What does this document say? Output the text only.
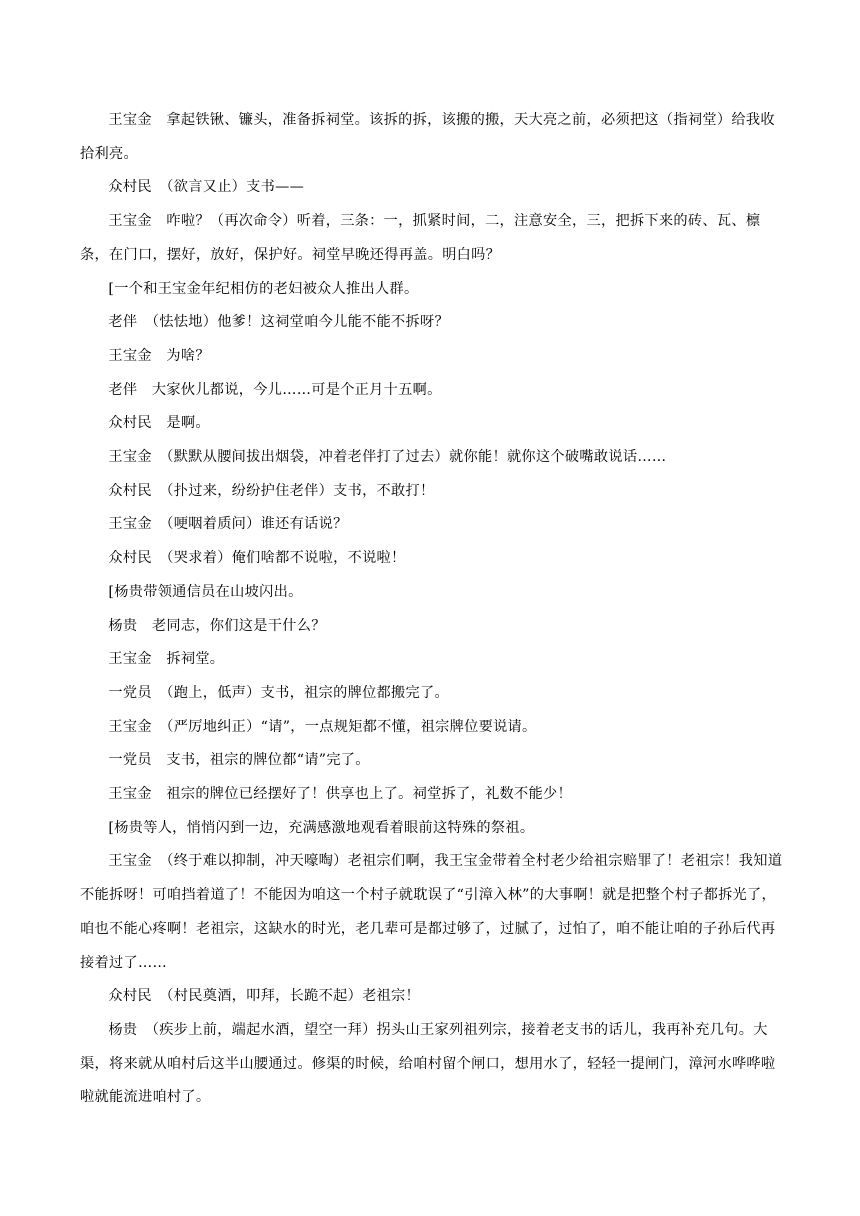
王宝金　拿起铁锹、镰头，准备拆祠堂。该拆的拆，该搬的搬，天大亮之前，必须把这（指祠堂）给我收拾利亮。

众村民　（欲言又止）支书——

王宝金　咋啦？（再次命令）听着，三条：一，抓紧时间，二，注意安全，三，把拆下来的砖、瓦、檩条，在门口，摆好，放好，保护好。祠堂早晚还得再盖。明白吗？

[一个和王宝金年纪相仿的老妇被众人推出人群。

老伴　（怯怯地）他爹！这祠堂咱今儿能不能不拆呀？

王宝金　为啥？

老伴　大家伙儿都说，今儿……可是个正月十五啊。

众村民　是啊。

王宝金　（默默从腰间拔出烟袋，冲着老伴打了过去）就你能！就你这个破嘴敢说话……

众村民　（扑过来，纷纷护住老伴）支书，不敢打！

王宝金　（哽咽着质问）谁还有话说？

众村民　（哭求着）俺们啥都不说啦，不说啦！

[杨贵带领通信员在山坡闪出。

杨贵　老同志，你们这是干什么？

王宝金　拆祠堂。

一党员　（跑上，低声）支书，祖宗的牌位都搬完了。

王宝金　（严厉地纠正）“请”，一点规矩都不懂，祖宗牌位要说请。

一党员　支书，祖宗的牌位都“请”完了。

王宝金　祖宗的牌位已经摆好了！供享也上了。祠堂拆了，礼数不能少！

[杨贵等人，悄悄闪到一边，充满感激地观看着眼前这特殊的祭祖。

王宝金　（终于难以抑制，冲天嚎啕）老祖宗们啊，我王宝金带着全村老少给祖宗赔罪了！老祖宗！我知道不能拆呀！可咱挡着道了！不能因为咱这一个村子就耽误了“引漳入林”的大事啊！就是把整个村子都拆光了，咱也不能心疼啊！老祖宗，这缺水的时光，老几辈可是都过够了，过腻了，过怕了，咱不能让咱的子孙后代再接着过了……

众村民　（村民奠酒，叩拜，长跪不起）老祖宗！

杨贵　（疾步上前，端起水酒，望空一拜）拐头山王家列祖列宗，接着老支书的话儿，我再补充几句。大渠，将来就从咱村后这半山腰通过。修渠的时候，给咱村留个闸口，想用水了，轻轻一提闸门，漳河水哗哗啦啦就能流进咱村了。
